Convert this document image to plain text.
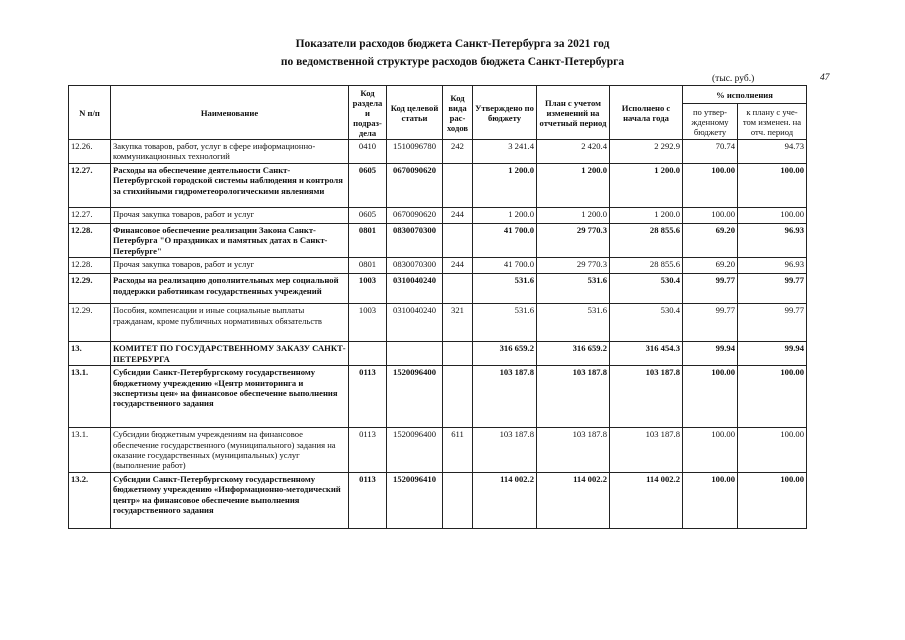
Показатели расходов бюджета Санкт-Петербурга за 2021 год
по ведомственной структуре расходов бюджета Санкт-Петербурга
(тыс. руб.)	47
N п/п	Наименование	Код раздела и подраз-дела	Код целевой статьи	Код вида рас-ходов	Утверждено по бюджету	План с учетом изменений на отчетный период	Исполнено с начала года	% исполнения	
								по утвер-жденному бюджету	к плану с уче-том изменен. на отч. период
12.26.	Закупка товаров, работ, услуг в сфере информационно-коммуникационных технологий	0410	1510096780	242	3 241.4	2 420.4	2 292.9	70.74	94.73
12.27.	Расходы на обеспечение деятельности Санкт-Петербургской городской системы наблюдения и контроля за стихийными гидрометеорологическими явлениями	0605	0670090620		1 200.0	1 200.0	1 200.0	100.00	100.00
12.27.	Прочая закупка товаров, работ и услуг	0605	0670090620	244	1 200.0	1 200.0	1 200.0	100.00	100.00
12.28.	Финансовое обеспечение реализации Закона Санкт-Петербурга "О праздниках и памятных датах в Санкт-Петербурге"	0801	0830070300		41 700.0	29 770.3	28 855.6	69.20	96.93
12.28.	Прочая закупка товаров, работ и услуг	0801	0830070300	244	41 700.0	29 770.3	28 855.6	69.20	96.93
12.29.	Расходы на реализацию дополнительных мер социальной поддержки работникам государственных учреждений	1003	0310040240		531.6	531.6	530.4	99.77	99.77
12.29.	Пособия, компенсации и иные социальные выплаты гражданам, кроме публичных нормативных обязательств	1003	0310040240	321	531.6	531.6	530.4	99.77	99.77
13.	КОМИТЕТ ПО ГОСУДАРСТВЕННОМУ ЗАКАЗУ САНКТ-ПЕТЕРБУРГА				316 659.2	316 659.2	316 454.3	99.94	99.94
13.1.	Субсидии Санкт-Петербургскому государственному бюджетному учреждению «Центр мониторинга и экспертизы цен» на финансовое обеспечение выполнения государственного задания	0113	1520096400		103 187.8	103 187.8	103 187.8	100.00	100.00
13.1.	Субсидии бюджетным учреждениям на финансовое обеспечение государственного (муниципального) задания на оказание государственных (муниципальных) услуг (выполнение работ)	0113	1520096400	611	103 187.8	103 187.8	103 187.8	100.00	100.00
13.2.	Субсидии Санкт-Петербургскому государственному бюджетному учреждению «Информационно-методический центр» на финансовое обеспечение выполнения государственного задания	0113	1520096410		114 002.2	114 002.2	114 002.2	100.00	100.00
